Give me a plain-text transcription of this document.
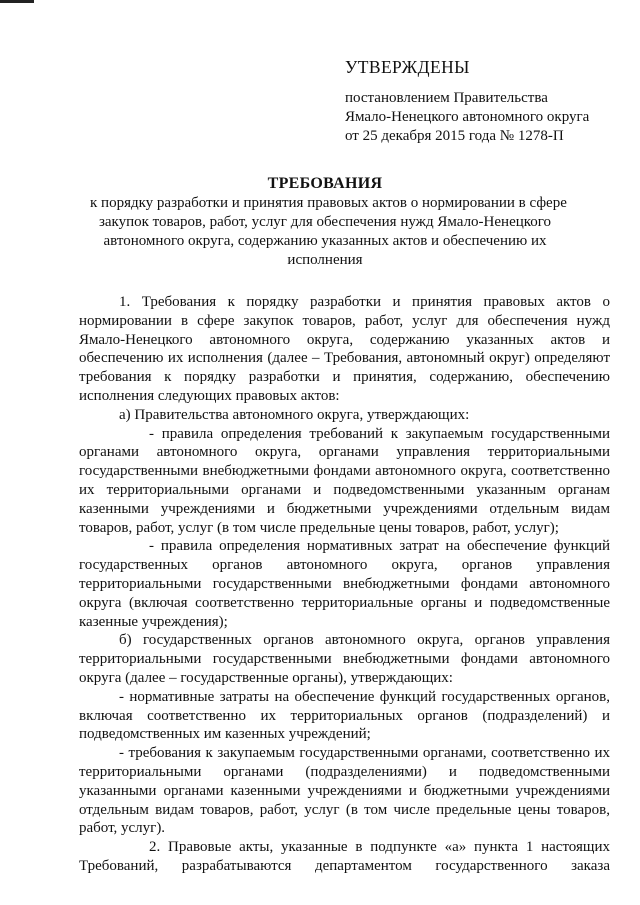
УТВЕРЖДЕНЫ
постановлением Правительства
Ямало-Ненецкого автономного округа
от 25 декабря 2015 года № 1278-П
ТРЕБОВАНИЯ
к порядку разработки и принятия правовых актов о нормировании в сфере
закупок товаров, работ, услуг для обеспечения нужд Ямало-Ненецкого
автономного округа, содержанию указанных актов и обеспечению их
исполнения

1. Требования к порядку разработки и принятия правовых актов о нормировании в сфере закупок товаров, работ, услуг для обеспечения нужд Ямало-Ненецкого автономного округа, содержанию указанных актов и обеспечению их исполнения (далее – Требования, автономный округ) определяют требования к порядку разработки и принятия, содержанию, обеспечению исполнения следующих правовых актов:

а) Правительства автономного округа, утверждающих:

- правила определения требований к закупаемым государственными органами автономного округа, органами управления территориальными государственными внебюджетными фондами автономного округа, соответственно их территориальными органами и подведомственными указанным органам казенными учреждениями и бюджетными учреждениями отдельным видам товаров, работ, услуг (в том числе предельные цены товаров, работ, услуг);

- правила определения нормативных затрат на обеспечение функций государственных органов автономного округа, органов управления территориальными государственными внебюджетными фондами автономного округа (включая соответственно территориальные органы и подведомственные казенные учреждения);

б) государственных органов автономного округа, органов управления территориальными государственными внебюджетными фондами автономного округа (далее – государственные органы), утверждающих:

- нормативные затраты на обеспечение функций государственных органов, включая соответственно их территориальных органов (подразделений) и подведомственных им казенных учреждений;

- требования к закупаемым государственными органами, соответственно их территориальными органами (подразделениями) и подведомственными указанными органами казенными учреждениями и бюджетными учреждениями отдельным видам товаров, работ, услуг (в том числе предельные цены товаров, работ, услуг).

2. Правовые акты, указанные в подпункте «а» пункта 1 настоящих Требований, разрабатываются департаментом государственного заказа
